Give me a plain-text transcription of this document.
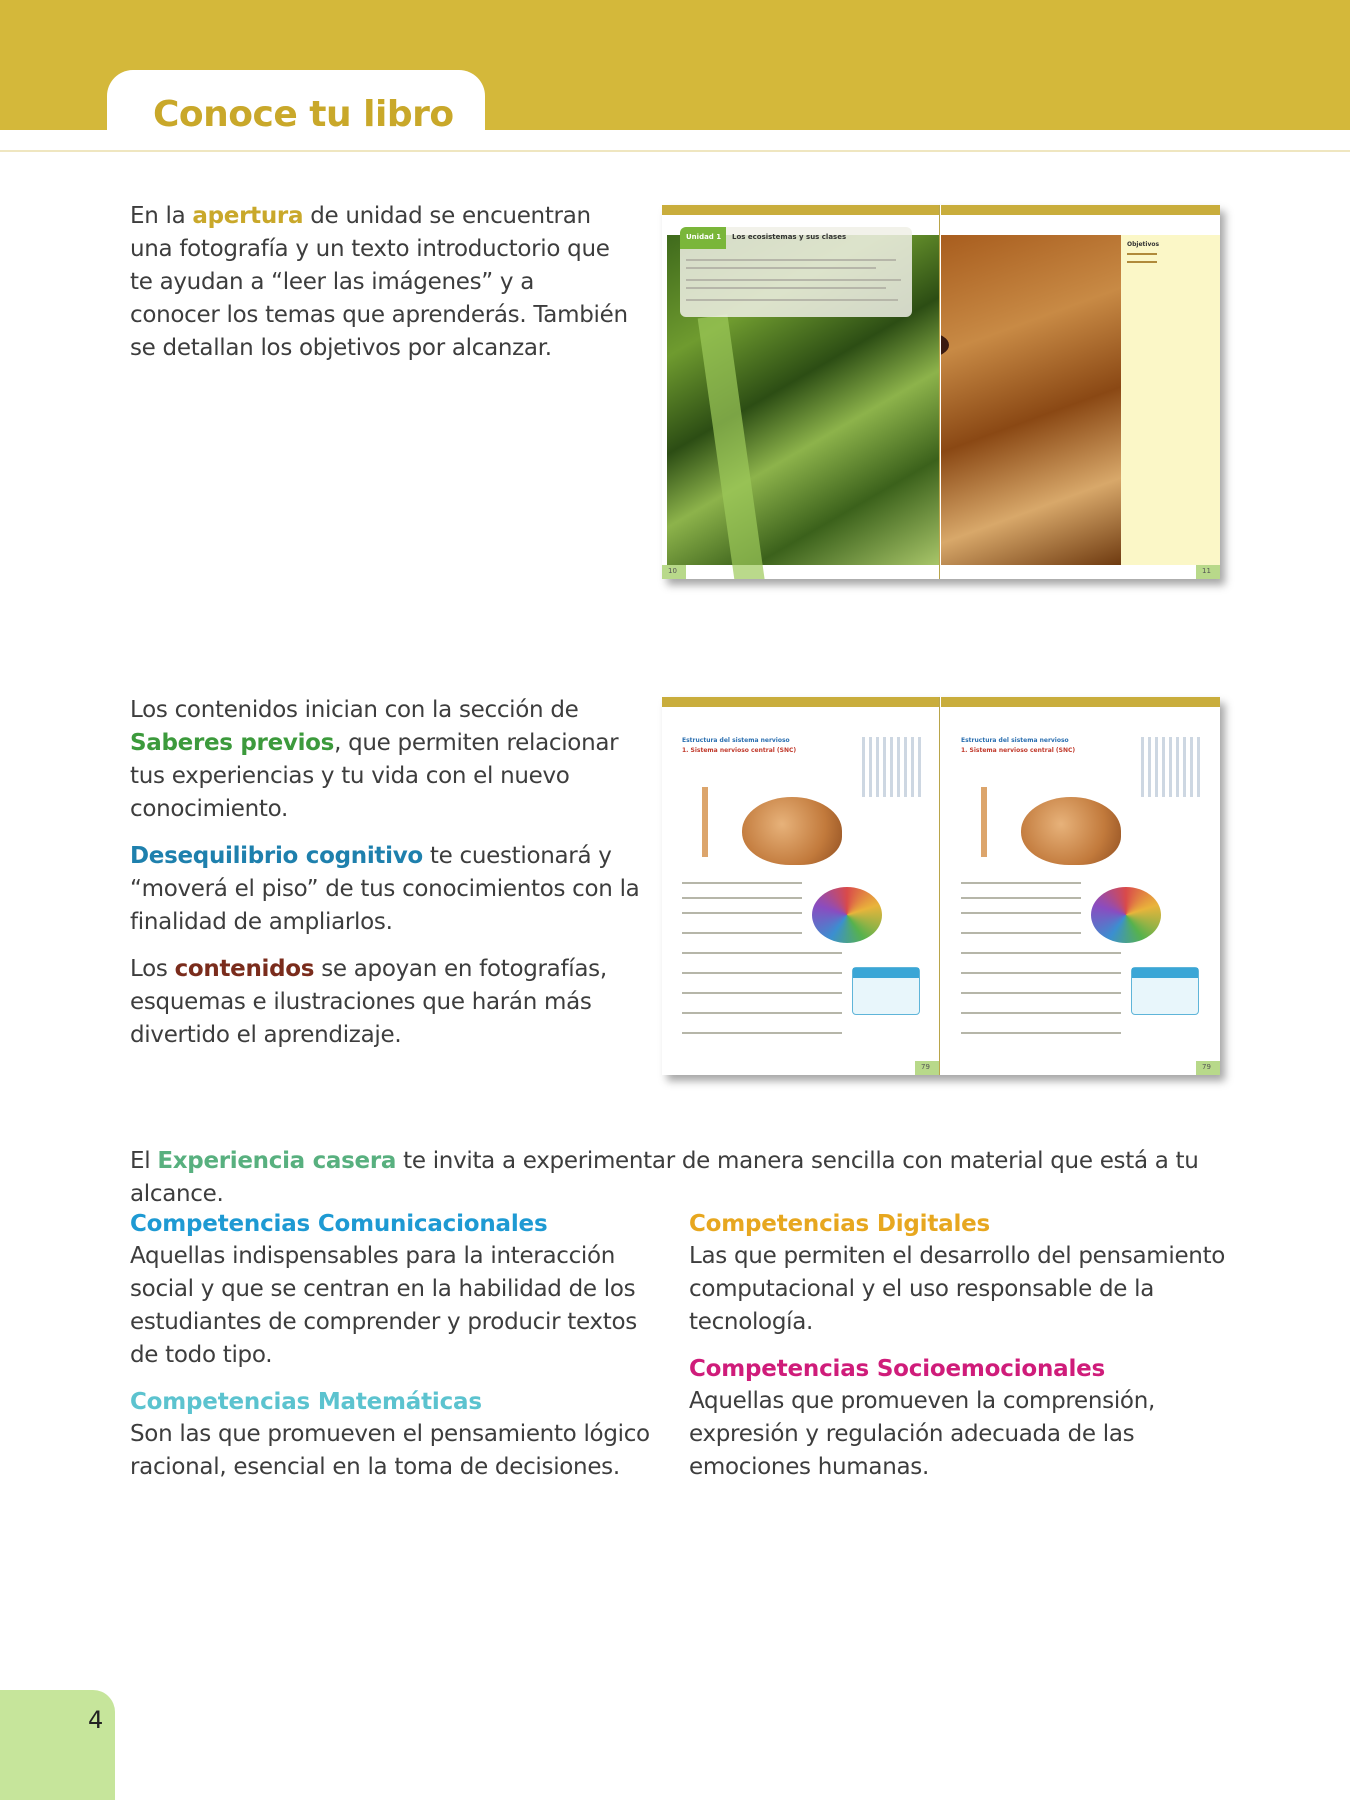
Conoce tu libro
En la apertura de unidad se encuentran una fotografía y un texto introductorio que te ayudan a “leer las imágenes” y a conocer los temas que aprenderás. También se detallan los objetivos por alcanzar.
Unidad 1 Los ecosistemas y sus clases
10
Objetivos
11

Los contenidos inician con la sección de Saberes previos, que permiten relacionar tus experiencias y tu vida con el nuevo conocimiento.

Desequilibrio cognitivo te cuestionará y “moverá el piso” de tus conocimientos con la finalidad de ampliarlos.

Los contenidos se apoyan en fotografías, esquemas e ilustraciones que harán más divertido el aprendizaje.

Estructura del sistema nervioso
1. Sistema nervioso central (SNC)
79
Estructura del sistema nervioso
1. Sistema nervioso central (SNC)
79
El Experiencia casera te invita a experimentar de manera sencilla con material que está a tu alcance.
Competencias Comunicacionales
Aquellas indispensables para la interacción social y que se centran en la habilidad de los estudiantes de comprender y producir textos de todo tipo.
Competencias Matemáticas
Son las que promueven el pensamiento lógico racional, esencial en la toma de decisiones.
Competencias Digitales
Las que permiten el desarrollo del pensamiento computacional y el uso responsable de la tecnología.
Competencias Socioemocionales
Aquellas que promueven la comprensión, expresión y regulación adecuada de las emociones humanas.
4
